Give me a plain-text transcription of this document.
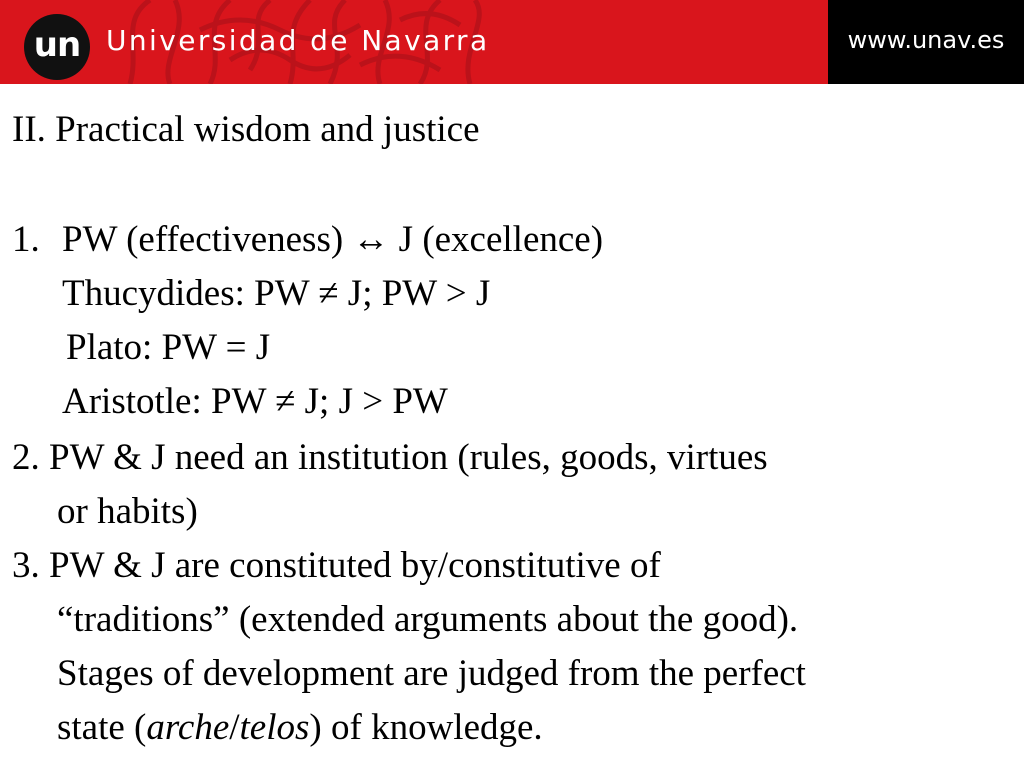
un Universidad de Navarra	www.unav.es
II. Practical wisdom and justice
1. PW (effectiveness) ↔ J (excellence)
Thucydides: PW ≠ J; PW > J
Plato: PW = J
Aristotle: PW ≠ J; J > PW
2. PW & J need an institution (rules, goods, virtues
or habits)
3. PW & J are constituted by/constitutive of
“traditions” (extended arguments about the good).
Stages of development are judged from the perfect
state (arche/telos) of knowledge.
